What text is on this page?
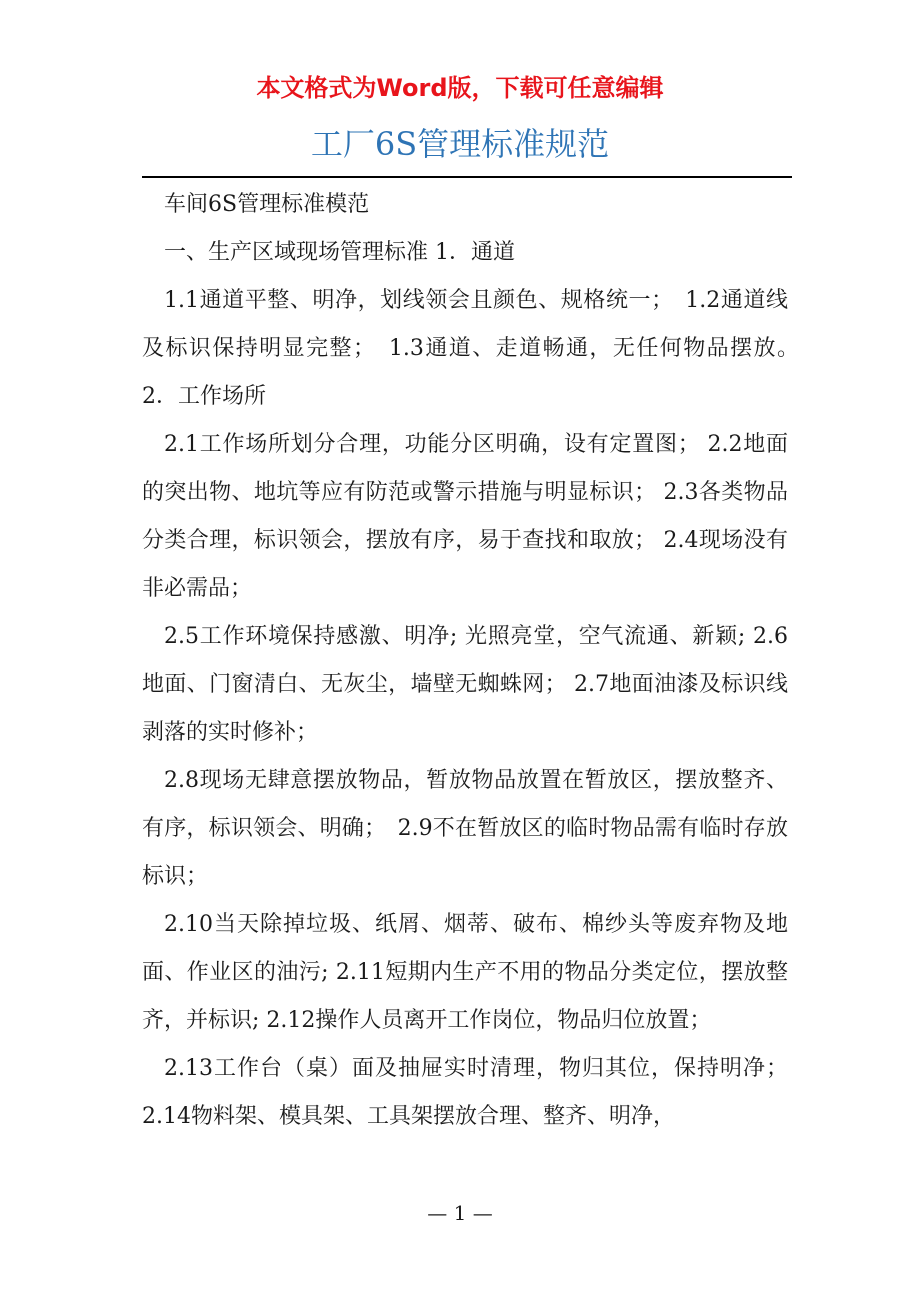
本文格式为Word版，下载可任意编辑
工厂6S管理标准规范

车间6S管理标准模范

一、生产区域现场管理标准 1．通道

1.1通道平整、明净，划线领会且颜色、规格统一；　1.2通道线及标识保持明显完整；　1.3通道、走道畅通，无任何物品摆放。　2．工作场所

2.1工作场所划分合理，功能分区明确，设有定置图； 2.2地面的突出物、地坑等应有防范或警示措施与明显标识； 2.3各类物品分类合理，标识领会，摆放有序，易于查找和取放； 2.4现场没有非必需品；

2.5工作环境保持感激、明净; 光照亮堂，空气流通、新颖; 2.6地面、门窗清白、无灰尘，墙壁无蜘蛛网； 2.7地面油漆及标识线剥落的实时修补；

2.8现场无肆意摆放物品，暂放物品放置在暂放区，摆放整齐、有序，标识领会、明确；　2.9不在暂放区的临时物品需有临时存放标识；

2.10当天除掉垃圾、纸屑、烟蒂、破布、棉纱头等废弃物及地面、作业区的油污; 2.11短期内生产不用的物品分类定位，摆放整齐，并标识; 2.12操作人员离开工作岗位，物品归位放置；

2.13工作台（桌）面及抽屉实时清理，物归其位，保持明净； 2.14物料架、模具架、工具架摆放合理、整齐、明净，

— 1 —
